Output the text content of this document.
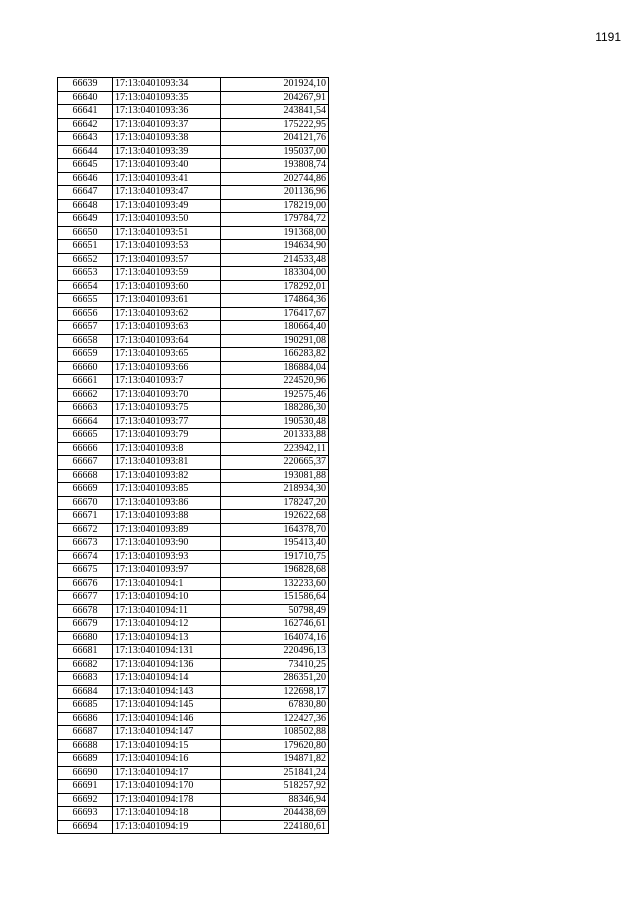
1191
66639	17:13:0401093:34	201924,10
66640	17:13:0401093:35	204267,91
66641	17:13:0401093:36	243841,54
66642	17:13:0401093:37	175222,95
66643	17:13:0401093:38	204121,76
66644	17:13:0401093:39	195037,00
66645	17:13:0401093:40	193808,74
66646	17:13:0401093:41	202744,86
66647	17:13:0401093:47	201136,96
66648	17:13:0401093:49	178219,00
66649	17:13:0401093:50	179784,72
66650	17:13:0401093:51	191368,00
66651	17:13:0401093:53	194634,90
66652	17:13:0401093:57	214533,48
66653	17:13:0401093:59	183304,00
66654	17:13:0401093:60	178292,01
66655	17:13:0401093:61	174864,36
66656	17:13:0401093:62	176417,67
66657	17:13:0401093:63	180664,40
66658	17:13:0401093:64	190291,08
66659	17:13:0401093:65	166283,82
66660	17:13:0401093:66	186884,04
66661	17:13:0401093:7	224520,96
66662	17:13:0401093:70	192575,46
66663	17:13:0401093:75	188286,30
66664	17:13:0401093:77	190530,48
66665	17:13:0401093:79	201333,88
66666	17:13:0401093:8	223942,11
66667	17:13:0401093:81	220665,37
66668	17:13:0401093:82	193081,88
66669	17:13:0401093:85	218934,30
66670	17:13:0401093:86	178247,20
66671	17:13:0401093:88	192622,68
66672	17:13:0401093:89	164378,70
66673	17:13:0401093:90	195413,40
66674	17:13:0401093:93	191710,75
66675	17:13:0401093:97	196828,68
66676	17:13:0401094:1	132233,60
66677	17:13:0401094:10	151586,64
66678	17:13:0401094:11	50798,49
66679	17:13:0401094:12	162746,61
66680	17:13:0401094:13	164074,16
66681	17:13:0401094:131	220496,13
66682	17:13:0401094:136	73410,25
66683	17:13:0401094:14	286351,20
66684	17:13:0401094:143	122698,17
66685	17:13:0401094:145	67830,80
66686	17:13:0401094:146	122427,36
66687	17:13:0401094:147	108502,88
66688	17:13:0401094:15	179620,80
66689	17:13:0401094:16	194871,82
66690	17:13:0401094:17	251841,24
66691	17:13:0401094:170	518257,92
66692	17:13:0401094:178	88346,94
66693	17:13:0401094:18	204438,69
66694	17:13:0401094:19	224180,61
